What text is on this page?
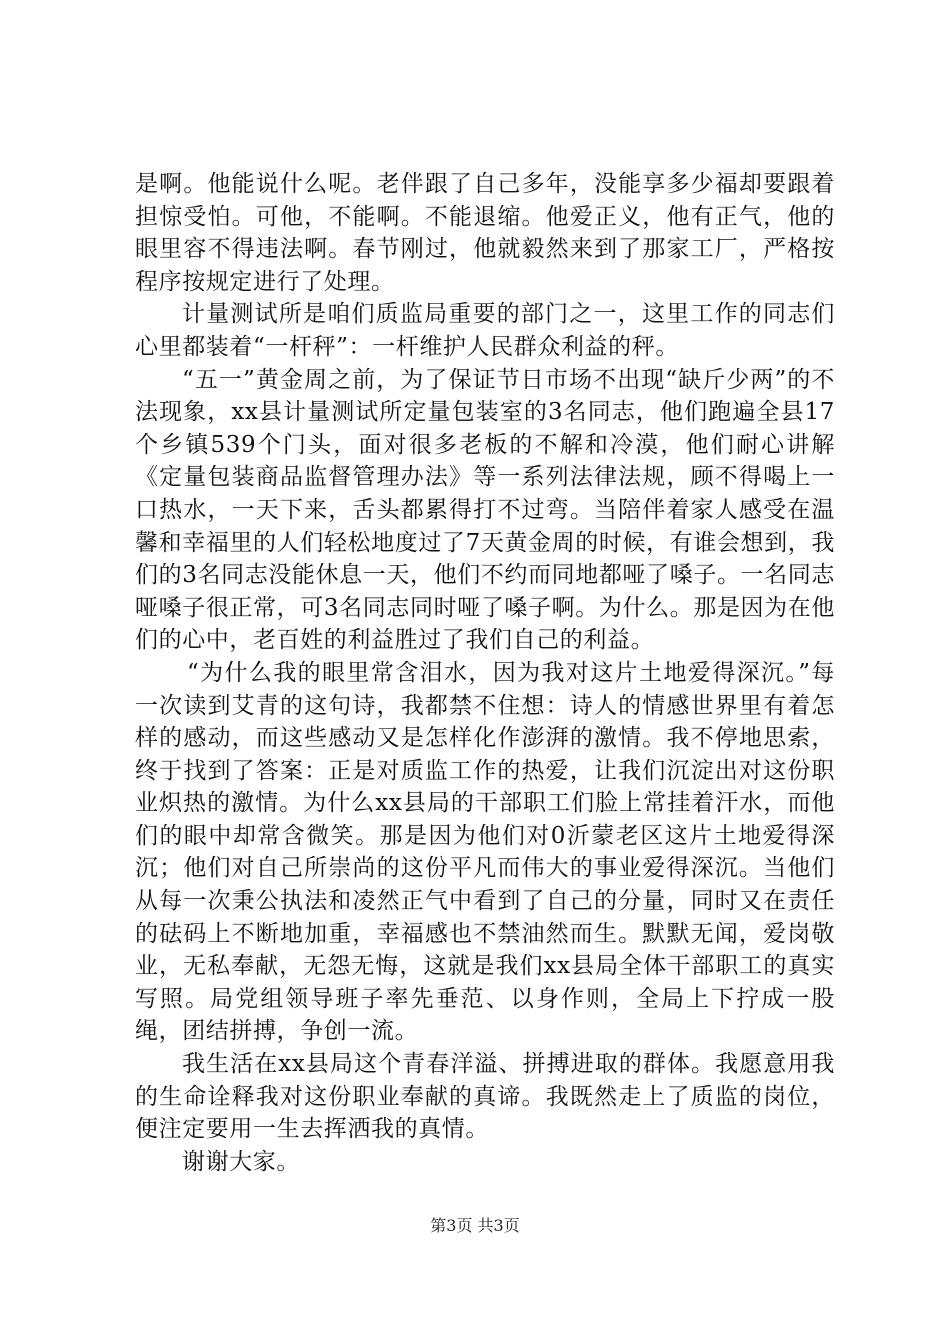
是啊。他能说什么呢。老伴跟了自己多年，没能享多少福却要跟着担惊受怕。可他，不能啊。不能退缩。他爱正义，他有正气，他的眼里容不得违法啊。春节刚过，他就毅然来到了那家工厂，严格按程序按规定进行了处理。

计量测试所是咱们质监局重要的部门之一，这里工作的同志们心里都装着“一杆秤”：一杆维护人民群众利益的秤。

“五一”黄金周之前，为了保证节日市场不出现“缺斤少两”的不法现象，xx县计量测试所定量包装室的3名同志，他们跑遍全县17个乡镇539个门头，面对很多老板的不解和冷漠，他们耐心讲解《定量包装商品监督管理办法》等一系列法律法规，顾不得喝上一口热水，一天下来，舌头都累得打不过弯。当陪伴着家人感受在温馨和幸福里的人们轻松地度过了7天黄金周的时候，有谁会想到，我们的3名同志没能休息一天，他们不约而同地都哑了嗓子。一名同志哑嗓子很正常，可3名同志同时哑了嗓子啊。为什么。那是因为在他们的心中，老百姓的利益胜过了我们自己的利益。

“为什么我的眼里常含泪水，因为我对这片土地爱得深沉。”每一次读到艾青的这句诗，我都禁不住想：诗人的情感世界里有着怎样的感动，而这些感动又是怎样化作澎湃的激情。我不停地思索，终于找到了答案：正是对质监工作的热爱，让我们沉淀出对这份职业炽热的激情。为什么xx县局的干部职工们脸上常挂着汗水，而他们的眼中却常含微笑。那是因为他们对0沂蒙老区这片土地爱得深沉；他们对自己所崇尚的这份平凡而伟大的事业爱得深沉。当他们从每一次秉公执法和凌然正气中看到了自己的分量，同时又在责任的砝码上不断地加重，幸福感也不禁油然而生。默默无闻，爱岗敬业，无私奉献，无怨无悔，这就是我们xx县局全体干部职工的真实写照。局党组领导班子率先垂范、以身作则，全局上下拧成一股绳，团结拼搏，争创一流。

我生活在xx县局这个青春洋溢、拼搏进取的群体。我愿意用我的生命诠释我对这份职业奉献的真谛。我既然走上了质监的岗位，便注定要用一生去挥洒我的真情。

谢谢大家。

第3页 共3页
